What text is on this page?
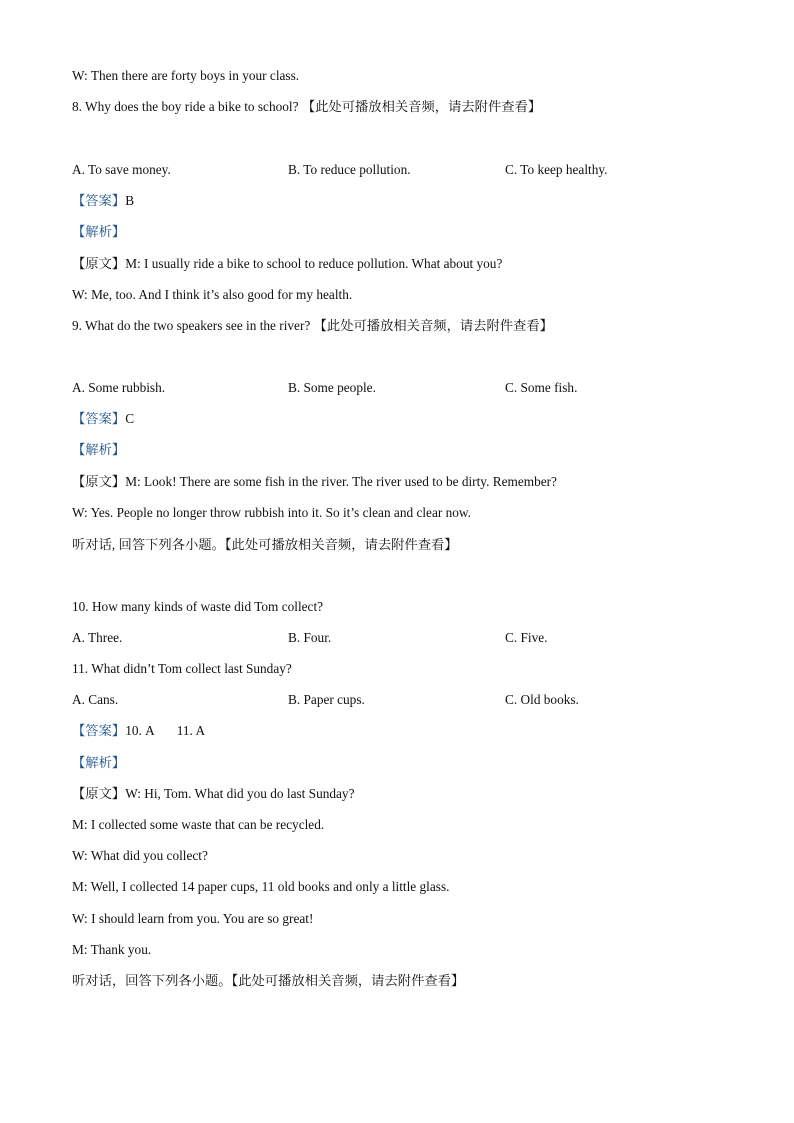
W: Then there are forty boys in your class.
8. Why does the boy ride a bike to school? 【此处可播放相关音频，请去附件查看】
A. To save money.	B. To reduce pollution.	C. To keep healthy.
【答案】B
【解析】
【原文】M: I usually ride a bike to school to reduce pollution. What about you?
W: Me, too. And I think it’s also good for my health.
9. What do the two speakers see in the river? 【此处可播放相关音频，请去附件查看】
A. Some rubbish.	B. Some people.	C. Some fish.
【答案】C
【解析】
【原文】M: Look! There are some fish in the river. The river used to be dirty. Remember?
W: Yes. People no longer throw rubbish into it. So it’s clean and clear now.
听对话, 回答下列各小题。【此处可播放相关音频，请去附件查看】
10. How many kinds of waste did Tom collect?
A. Three.	B. Four.	C. Five.
11. What didn’t Tom collect last Sunday?
A. Cans.	B. Paper cups.	C. Old books.
【答案】10. A 11. A
【解析】
【原文】W: Hi, Tom. What did you do last Sunday?
M: I collected some waste that can be recycled.
W: What did you collect?
M: Well, I collected 14 paper cups, 11 old books and only a little glass.
W: I should learn from you. You are so great!
M: Thank you.
听对话，回答下列各小题。【此处可播放相关音频，请去附件查看】
